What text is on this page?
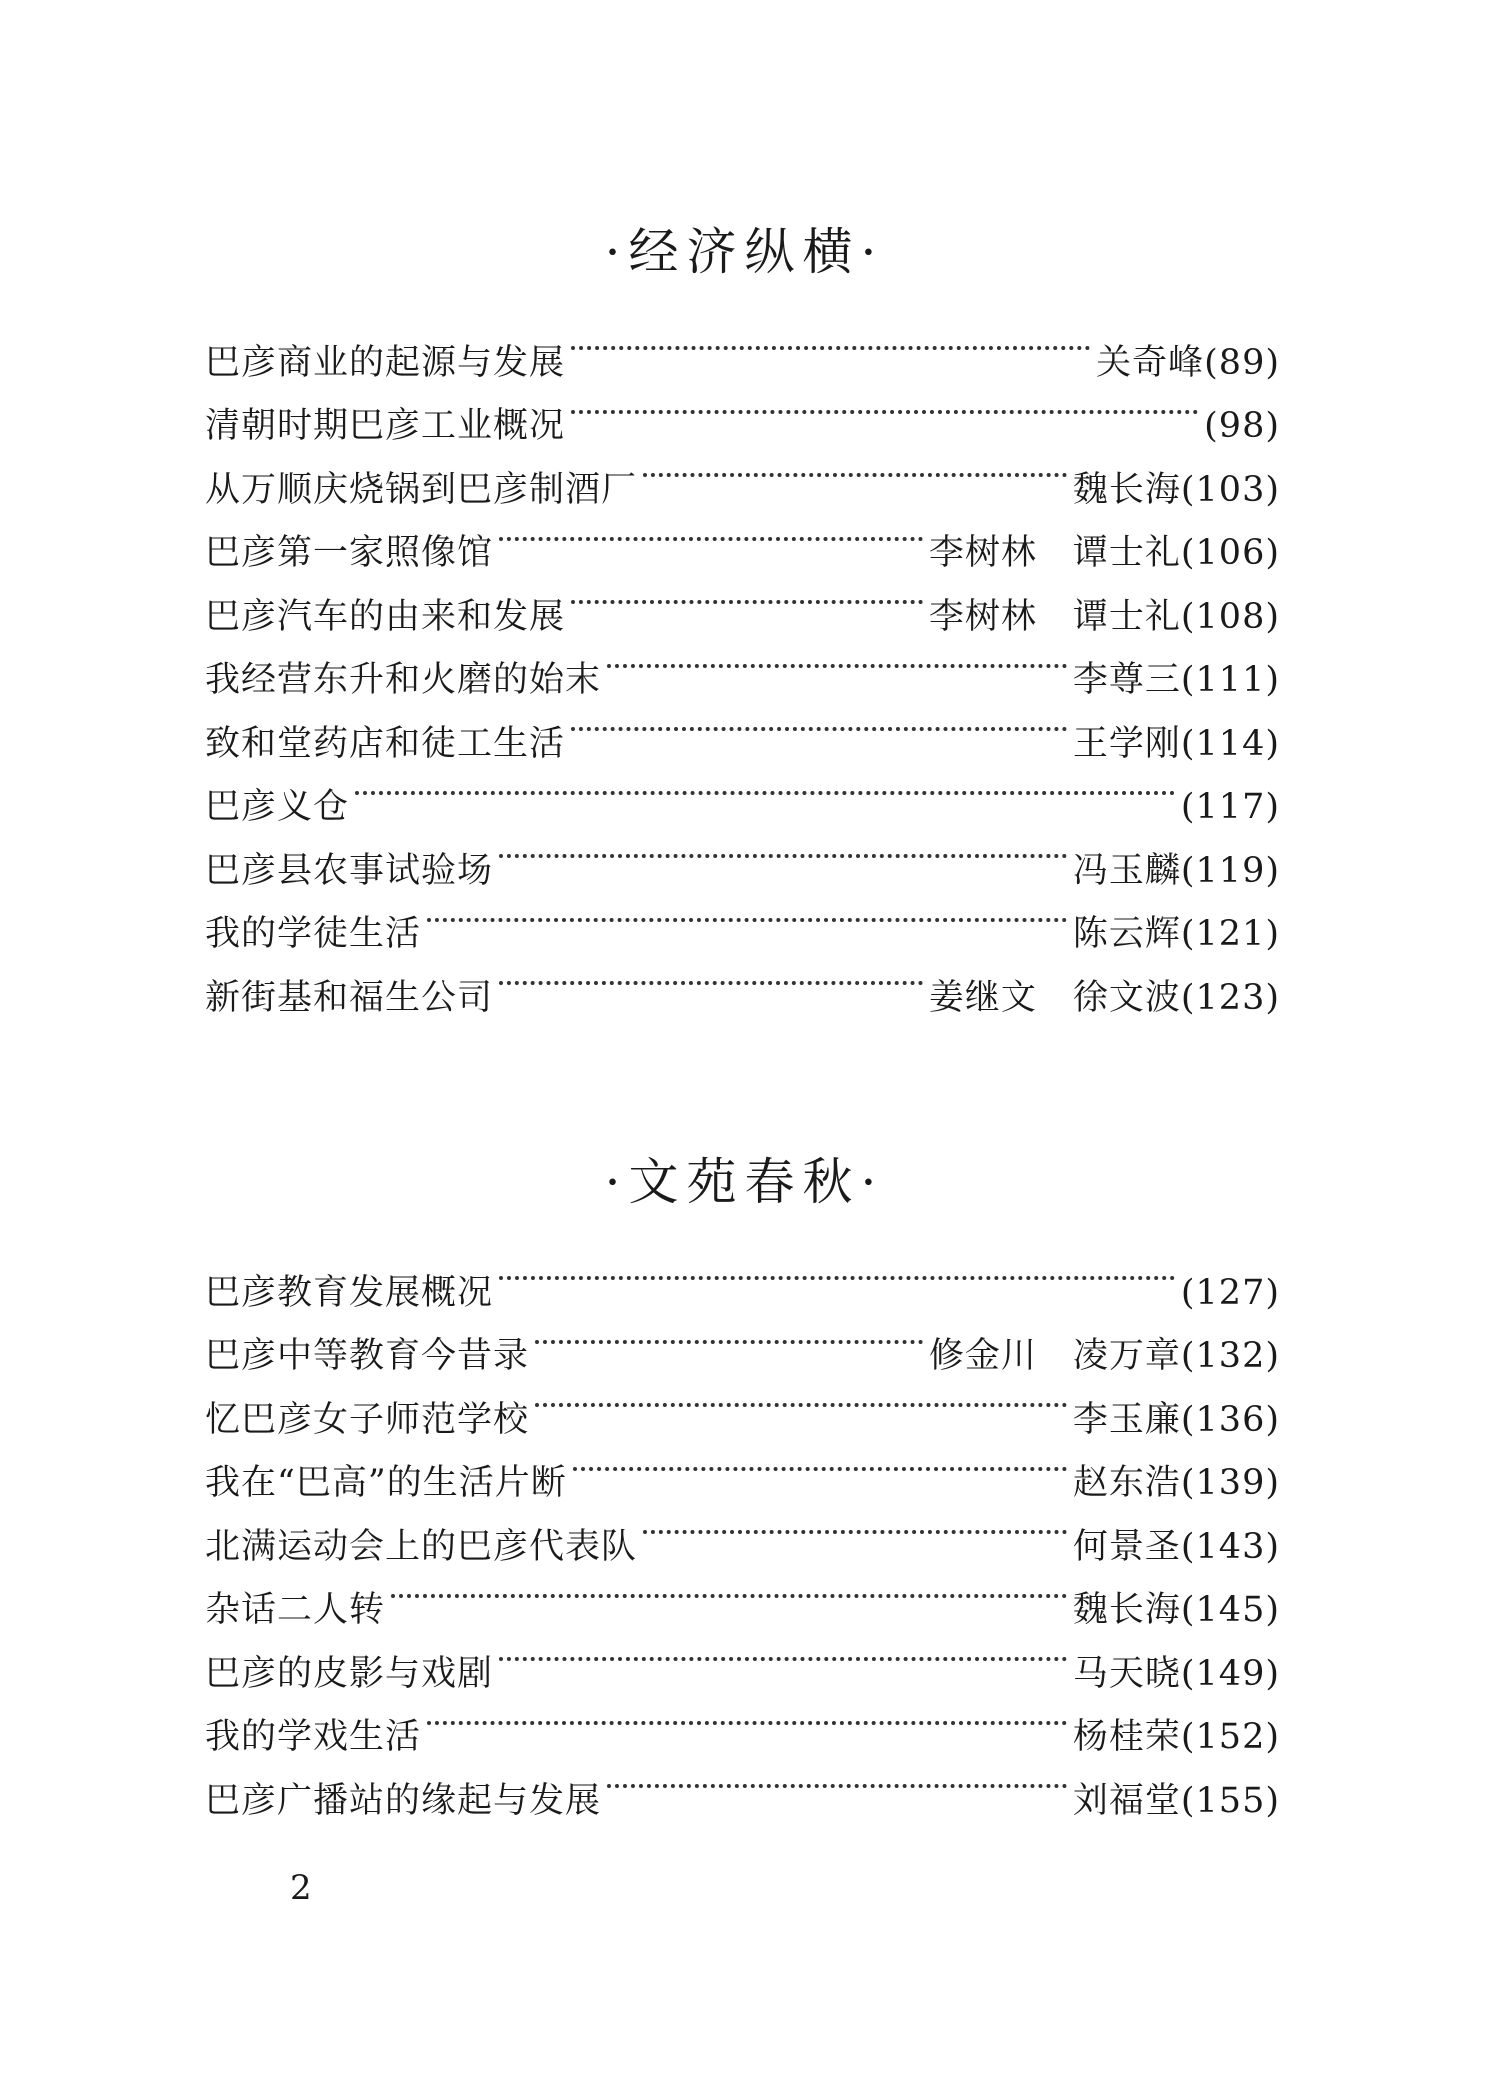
·经济纵横·
巴彦商业的起源与发展	关奇峰 (89)
清朝时期巴彦工业概况	(98)
从万顺庆烧锅到巴彦制酒厂	魏长海 (103)
巴彦第一家照像馆	李树林　谭士礼 (106)
巴彦汽车的由来和发展	李树林　谭士礼 (108)
我经营东升和火磨的始末	李尊三 (111)
致和堂药店和徒工生活	王学刚 (114)
巴彦义仓	(117)
巴彦县农事试验场	冯玉麟 (119)
我的学徒生活	陈云辉 (121)
新街基和福生公司	姜继文　徐文波 (123)
·文苑春秋·
巴彦教育发展概况	(127)
巴彦中等教育今昔录	修金川　凌万章 (132)
忆巴彦女子师范学校	李玉廉 (136)
我在“巴高”的生活片断	赵东浩 (139)
北满运动会上的巴彦代表队	何景圣 (143)
杂话二人转	魏长海 (145)
巴彦的皮影与戏剧	马天晓 (149)
我的学戏生活	杨桂荣 (152)
巴彦广播站的缘起与发展	刘福堂 (155)
2
